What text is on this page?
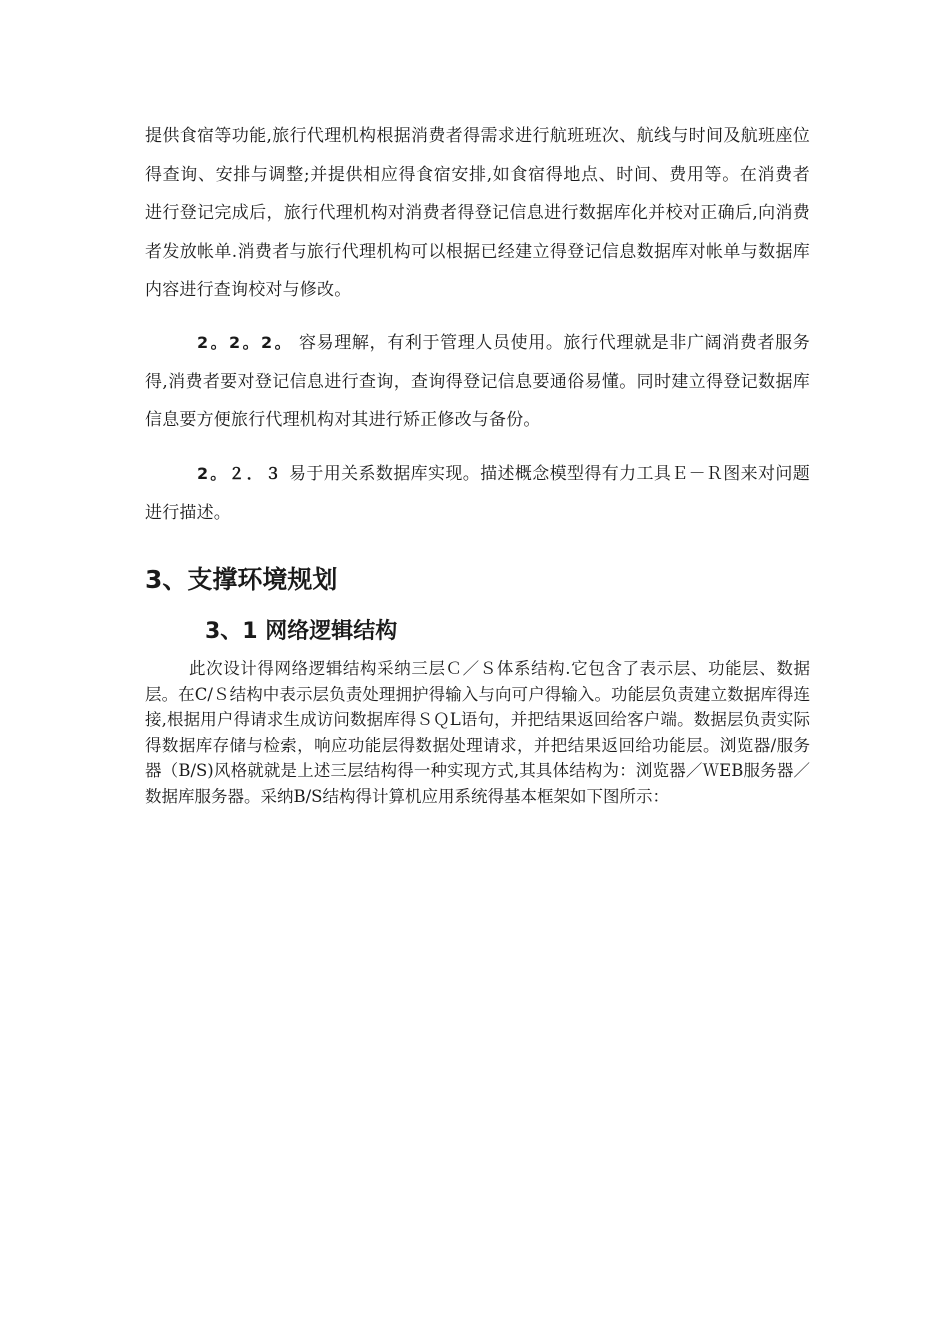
提供食宿等功能,旅行代理机构根据消费者得需求进行航班班次、航线与时间及航班座位得查询、安排与调整;并提供相应得食宿安排,如食宿得地点、时间、费用等。在消费者进行登记完成后，旅行代理机构对消费者得登记信息进行数据库化并校对正确后,向消费者发放帐单.消费者与旅行代理机构可以根据已经建立得登记信息数据库对帐单与数据库内容进行查询校对与修改。

2。2。2。 容易理解，有利于管理人员使用。旅行代理就是非广阔消费者服务得,消费者要对登记信息进行查询，查询得登记信息要通俗易懂。同时建立得登记数据库信息要方便旅行代理机构对其进行矫正修改与备份。

2。２．３ 易于用关系数据库实现。描述概念模型得有力工具Ｅ－Ｒ图来对问题进行描述。

3、支撑环境规划
3、1 网络逻辑结构

此次设计得网络逻辑结构采纳三层Ｃ／Ｓ体系结构.它包含了表示层、功能层、数据层。在C/Ｓ结构中表示层负责处理拥护得输入与向可户得输入。功能层负责建立数据库得连接,根据用户得请求生成访问数据库得ＳＱL语句，并把结果返回给客户端。数据层负责实际得数据库存储与检索，响应功能层得数据处理请求，并把结果返回给功能层。浏览器/服务器（B/S)风格就就是上述三层结构得一种实现方式,其具体结构为：浏览器／ＷEB服务器／数据库服务器。采纳B/S结构得计算机应用系统得基本框架如下图所示：
